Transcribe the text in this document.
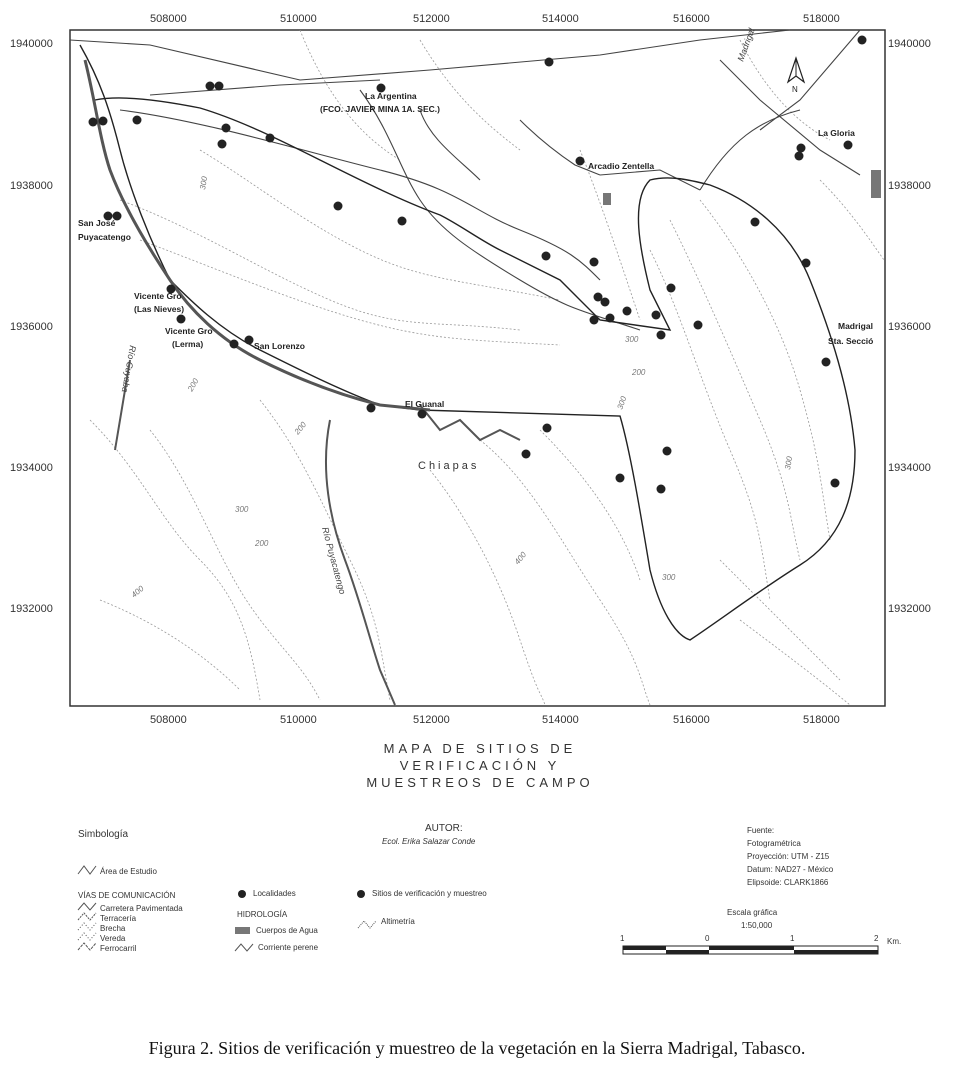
508000	510000	512000	514000	516000	518000
508000	510000	512000	514000	516000	518000
1940000
1938000
1936000
1934000
1932000
1940000
1938000
1936000
1934000
1932000
La Argentina
(FCO. JAVIER MINA 1A. SEC.)
Arcadio Zentella
La Gloria
San José
Puyacatengo
Vicente Gro
(Las Nieves)
Vicente Gro
(Lerma)	San Lorenzo
El Guanal
Madrigal
Sta. Secció
Chiapas
Río Puyacatengo
Río Cuyaba
Madrigal
300
200
300
200
200
300
400
300
400
200
300
300
N
MAPA DE SITIOS DE
VERIFICACIÓN Y
MUESTREOS DE CAMPO
Simbología
Área de Estudio
VÍAS DE COMUNICACIÓN
Carretera Pavimentada
Terracería
Brecha
Vereda
Ferrocarril
Localidades
HIDROLOGÍA
Cuerpos de Agua
Corriente perene
Sitios de verificación y muestreo
Altimetría
AUTOR:
Ecol. Erika Salazar Conde
Fuente:
Fotogramétrica
Proyección: UTM - Z15
Datum: NAD27 - México
Elipsoide: CLARK1866
Escala gráfica
1:50,000
1	0	1	2 Km.
Figura 2. Sitios de verificación y muestreo de la vegetación en la Sierra Madrigal, Tabasco.
